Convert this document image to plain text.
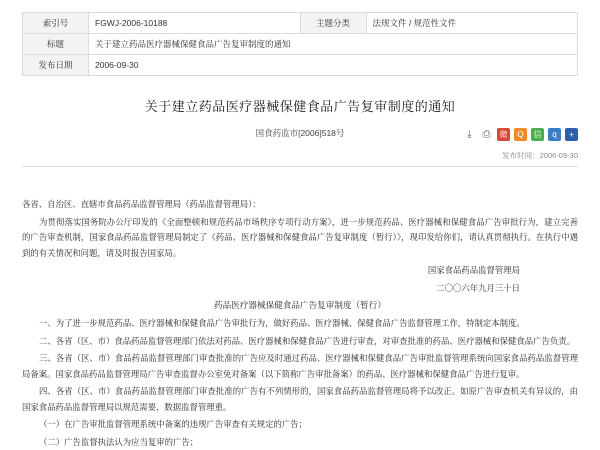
索引号	FGWJ-2006-10188	主题分类	法规文件 / 规范性文件
标题	关于建立药品医疗器械保健食品广告复审制度的通知		
发布日期	2006-09-30		
关于建立药品医疗器械保健食品广告复审制度的通知
国食药监市[2006]518号	⤓	⎙	微	Q	信	q	+
发布时间：2006-09-30

各省、自治区、直辖市食品药品监督管理局（药品监督管理局）：

为贯彻落实国务院办公厅印发的《全面整顿和规范药品市场秩序专项行动方案》，进一步规范药品、医疗器械和保健食品广告审批行为，建立完善的广告审查机制，国家食品药品监督管理局制定了《药品、医疗器械和保健食品广告复审制度（暂行）》，现印发给你们，请认真贯彻执行。在执行中遇到的有关情况和问题，请及时报告国家局。

国家食品药品监督管理局

二〇〇六年九月三十日

药品医疗器械保健食品广告复审制度（暂行）

一、为了进一步规范药品、医疗器械和保健食品广告审批行为，做好药品、医疗器械、保健食品广告监督管理工作，特制定本制度。

二、各省（区、市）食品药品监督管理部门依法对药品、医疗器械和保健食品广告进行审查，对审查批准的药品、医疗器械和保健食品广告负责。

三、各省（区、市）食品药品监督管理部门审查批准的广告应及时通过药品、医疗器械和保健食品广告审批监督管理系统向国家食品药品监督管理局备案。国家食品药品监督管理局广告审查监督办公室免对备案（以下简称广告审批备案）的药品、医疗器械和保健食品广告进行复审。

四、各省（区、市）食品药品监督管理部门审查批准的广告有不列情形的，国家食品药品监督管理局将予以改正。如原广告审查机关有异议的，由国家食品药品监督管理局以规范需要，数据监督管理重。

（一）在广告审批监督管理系统中备案的违规广告审查有关规定的广告；

（二）广告监督执法认为应当复审的广告；
